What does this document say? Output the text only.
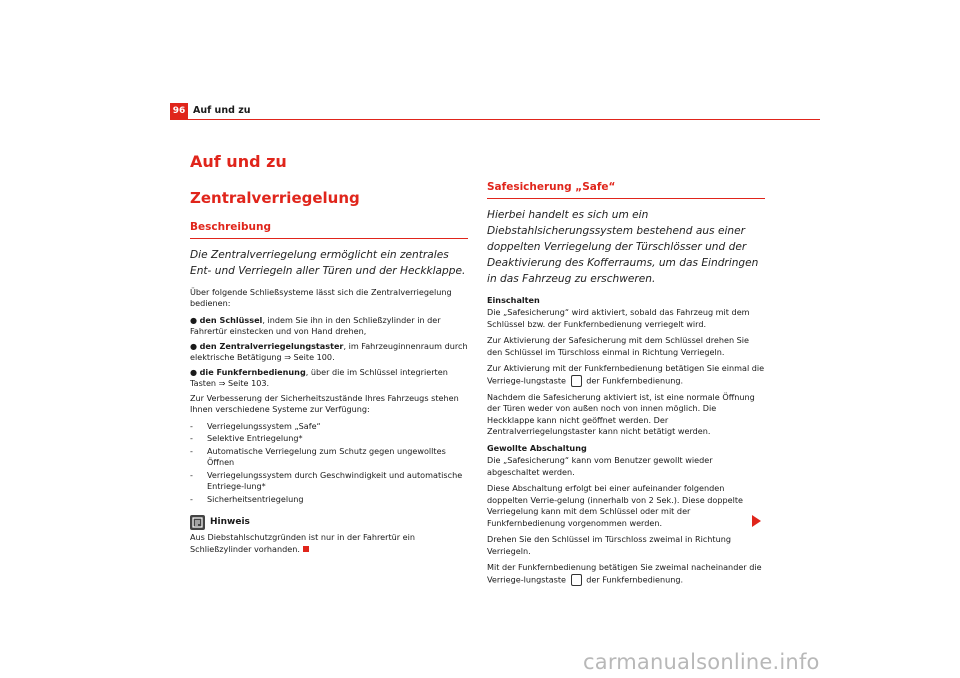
96 Auf und zu
Auf und zu
Zentralverriegelung
Beschreibung
Die Zentralverriegelung ermöglicht ein zentrales Ent- und Verriegeln aller Türen und der Heckklappe.

Über folgende Schließsysteme lässt sich die Zentralverriegelung bedienen:

● den Schlüssel, indem Sie ihn in den Schließzylinder in der Fahrertür einstecken und von Hand drehen,
● den Zentralverriegelungstaster, im Fahrzeuginnenraum durch elektrische Betätigung ⇒ Seite 100.
● die Funkfernbedienung, über die im Schlüssel integrierten Tasten ⇒ Seite 103.

Zur Verbesserung der Sicherheitszustände Ihres Fahrzeugs stehen Ihnen verschiedene Systeme zur Verfügung:

-	Verriegelungssystem „Safe“
-	Selektive Entriegelung*
-	Automatische Verriegelung zum Schutz gegen ungewolltes Öffnen
-	Verriegelungssystem durch Geschwindigkeit und automatische Entriege-lung*
-	Sicherheitsentriegelung
Hinweis

Aus Diebstahlschutzgründen ist nur in der Fahrertür ein Schließzylinder vorhanden.

Safesicherung „Safe“
Hierbei handelt es sich um ein Diebstahlsicherungssystem bestehend aus einer doppelten Verriegelung der Türschlösser und der Deaktivierung des Kofferraums, um das Eindringen in das Fahrzeug zu erschweren.

Einschalten

Die „Safesicherung“ wird aktiviert, sobald das Fahrzeug mit dem Schlüssel bzw. der Funkfernbedienung verriegelt wird.

Zur Aktivierung der Safesicherung mit dem Schlüssel drehen Sie den Schlüssel im Türschloss einmal in Richtung Verriegeln.

Zur Aktivierung mit der Funkfernbedienung betätigen Sie einmal die Verriege-lungstaste der Funkfernbedienung.

Nachdem die Safesicherung aktiviert ist, ist eine normale Öffnung der Türen weder von außen noch von innen möglich. Die Heckklappe kann nicht geöffnet werden. Der Zentralverriegelungstaster kann nicht betätigt werden.

Gewollte Abschaltung

Die „Safesicherung“ kann vom Benutzer gewollt wieder abgeschaltet werden.

Diese Abschaltung erfolgt bei einer aufeinander folgenden doppelten Verrie-gelung (innerhalb von 2 Sek.). Diese doppelte Verriegelung kann mit dem Schlüssel oder mit der Funkfernbedienung vorgenommen werden.

Drehen Sie den Schlüssel im Türschloss zweimal in Richtung Verriegeln.

Mit der Funkfernbedienung betätigen Sie zweimal nacheinander die Verriege-lungstaste der Funkfernbedienung.

carmanualsonline.info
